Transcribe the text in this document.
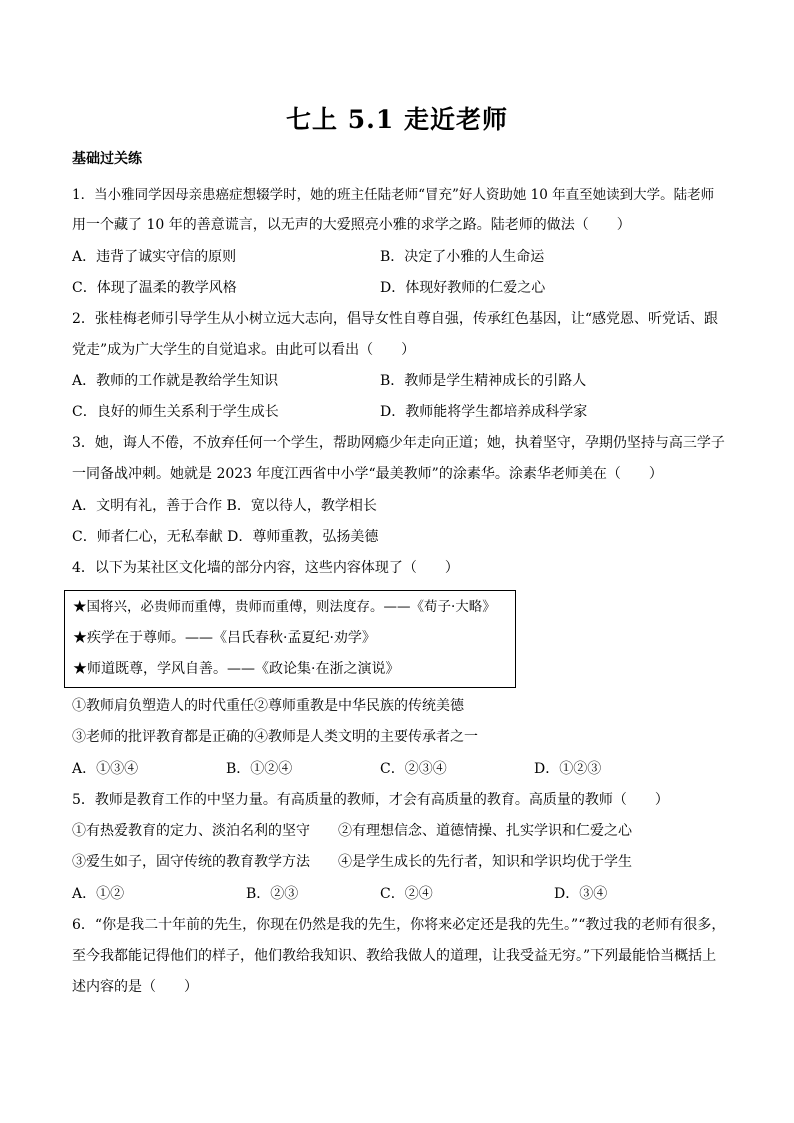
七上 5.1 走近老师
基础过关练
1．当小雅同学因母亲患癌症想辍学时，她的班主任陆老师“冒充”好人资助她 10 年直至她读到大学。陆老师
用一个藏了 10 年的善意谎言，以无声的大爱照亮小雅的求学之路。陆老师的做法（　　）
A．违背了诚实守信的原则	B．决定了小雅的人生命运
C．体现了温柔的教学风格	D．体现好教师的仁爱之心
2．张桂梅老师引导学生从小树立远大志向，倡导女性自尊自强，传承红色基因，让“感党恩、听党话、跟
党走”成为广大学生的自觉追求。由此可以看出（　　）
A．教师的工作就是教给学生知识	B．教师是学生精神成长的引路人
C．良好的师生关系利于学生成长	D．教师能将学生都培养成科学家
3．她，诲人不倦，不放弃任何一个学生，帮助网瘾少年走向正道；她，执着坚守，孕期仍坚持与高三学子
一同备战冲刺。她就是 2023 年度江西省中小学“最美教师”的涂素华。涂素华老师美在（　　）
A．文明有礼，善于合作 B．宽以待人，教学相长
C．师者仁心，无私奉献 D．尊师重教，弘扬美德
4．以下为某社区文化墙的部分内容，这些内容体现了（　　）
★国将兴，必贵师而重傅，贵师而重傅，则法度存。——《荀子·大略》
★疾学在于尊师。——《吕氏春秋·孟夏纪·劝学》
★师道既尊，学风自善。——《政论集·在浙之演说》
①教师肩负塑造人的时代重任②尊师重教是中华民族的传统美德
③老师的批评教育都是正确的④教师是人类文明的主要传承者之一
A．①③④	B．①②④	C．②③④	D．①②③
5．教师是教育工作的中坚力量。有高质量的教师，才会有高质量的教育。高质量的教师（　　）
①有热爱教育的定力、淡泊名利的坚守 ②有理想信念、道德情操、扎实学识和仁爱之心
③爱生如子，固守传统的教育教学方法 ④是学生成长的先行者，知识和学识均优于学生
A．①②	B．②③	C．②④	D．③④
6．“你是我二十年前的先生，你现在仍然是我的先生，你将来必定还是我的先生。”“教过我的老师有很多，
至今我都能记得他们的样子，他们教给我知识、教给我做人的道理，让我受益无穷。”下列最能恰当概括上
述内容的是（　　）
